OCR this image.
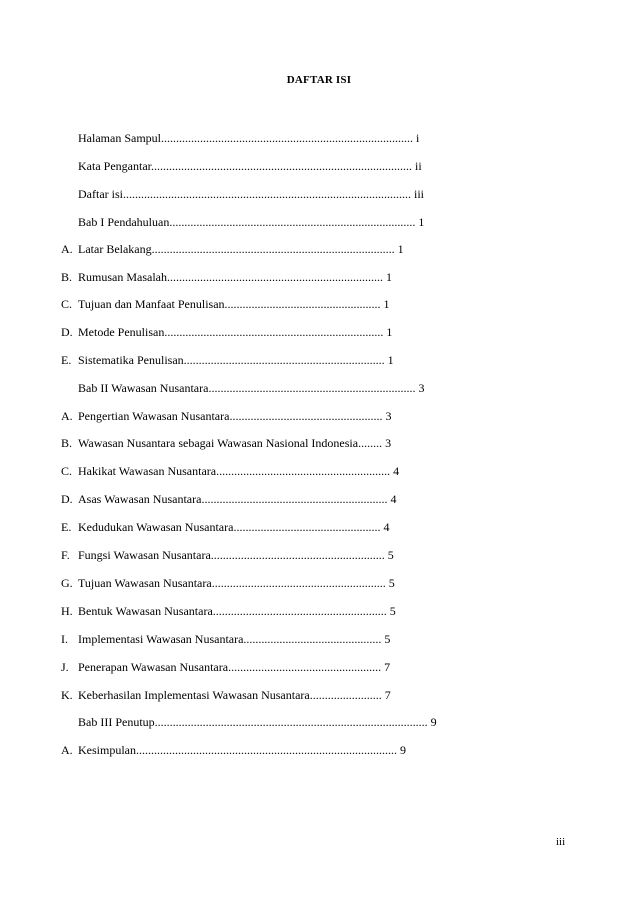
DAFTAR ISI
Halaman Sampul.................................................................................... i
Kata Pengantar....................................................................................... ii
Daftar isi................................................................................................ iii
Bab I Pendahuluan.................................................................................. 1
A. Latar Belakang................................................................................. 1
B. Rumusan Masalah........................................................................ 1
C. Tujuan dan Manfaat Penulisan.................................................... 1
D. Metode Penulisan......................................................................... 1
E. Sistematika Penulisan................................................................... 1
Bab II Wawasan Nusantara..................................................................... 3
A. Pengertian Wawasan Nusantara................................................... 3
B. Wawasan Nusantara sebagai Wawasan Nasional Indonesia........ 3
C. Hakikat Wawasan Nusantara.......................................................... 4
D. Asas Wawasan Nusantara.............................................................. 4
E. Kedudukan Wawasan Nusantara................................................. 4
F. Fungsi Wawasan Nusantara.......................................................... 5
G. Tujuan Wawasan Nusantara.......................................................... 5
H. Bentuk Wawasan Nusantara.......................................................... 5
I. Implementasi Wawasan Nusantara.............................................. 5
J. Penerapan Wawasan Nusantara................................................... 7
K. Keberhasilan Implementasi Wawasan Nusantara........................ 7
Bab III Penutup........................................................................................... 9
A. Kesimpulan....................................................................................... 9
iii
